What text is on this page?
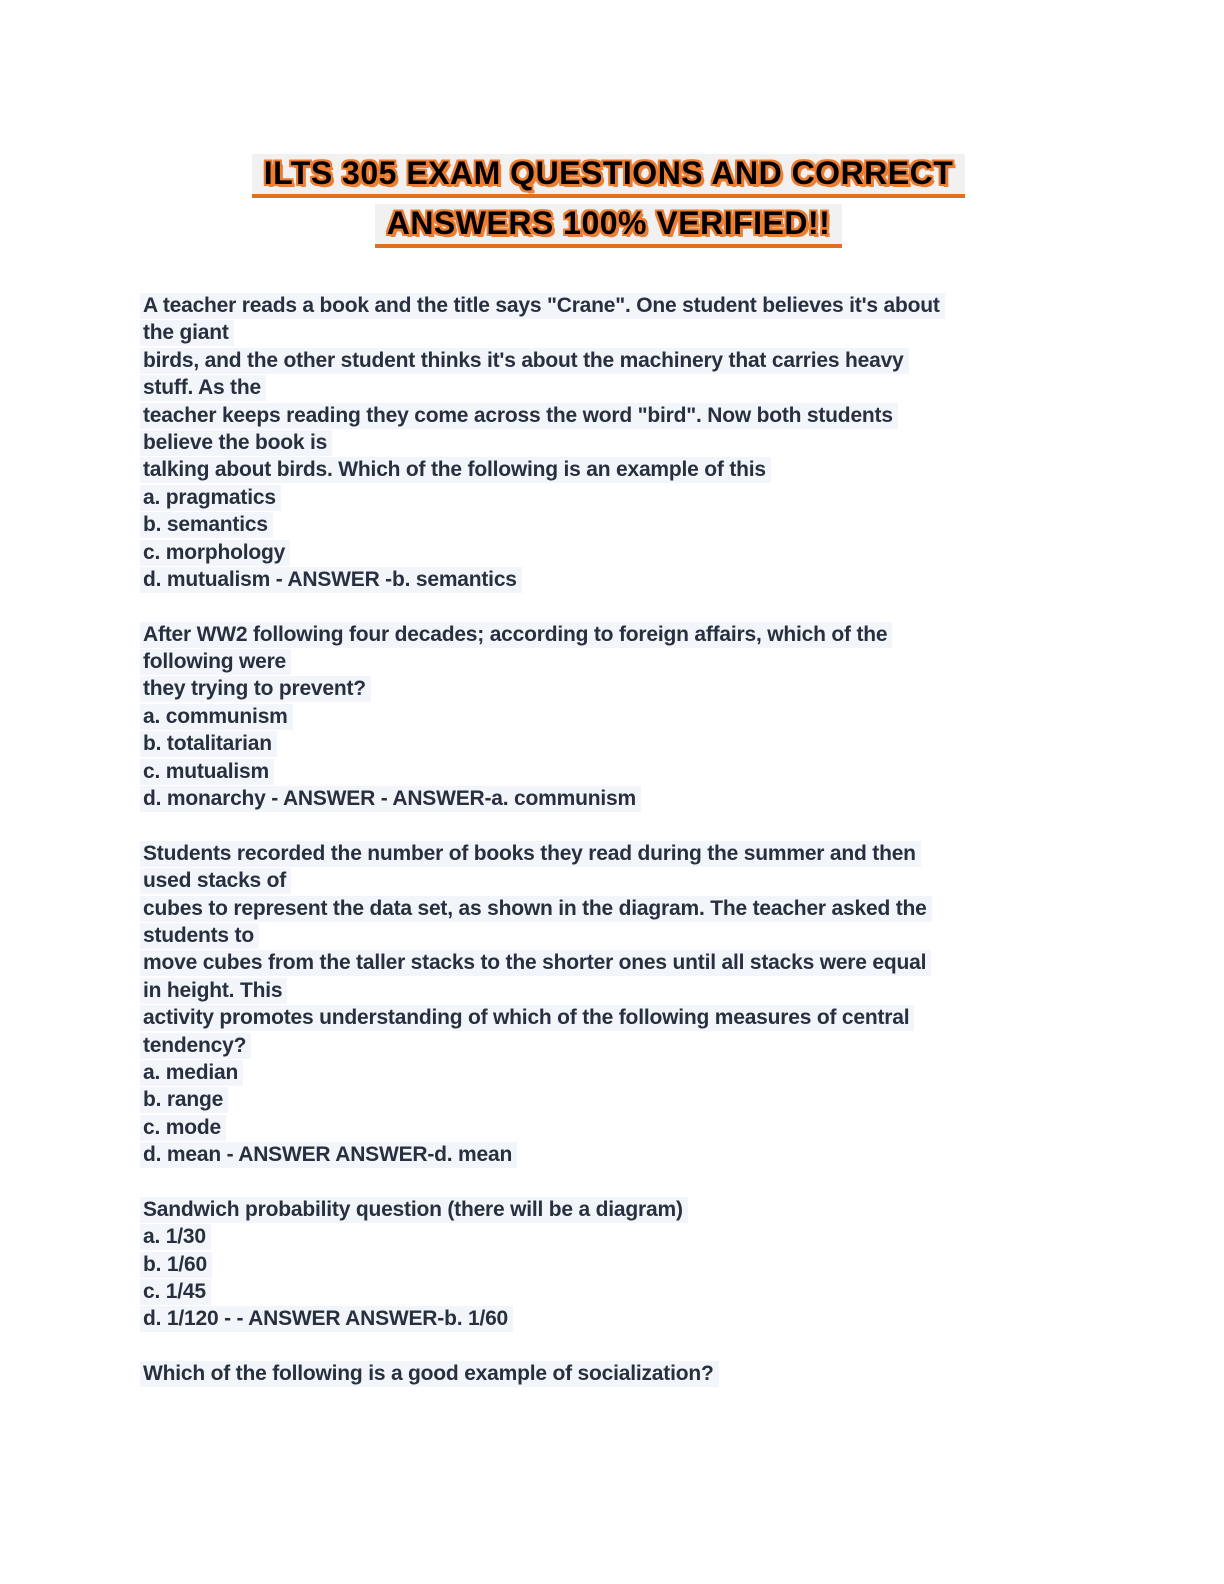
ILTS 305 EXAM QUESTIONS AND CORRECT
ANSWERS 100% VERIFIED!!
A teacher reads a book and the title says "Crane". One student believes it's about
the giant
birds, and the other student thinks it's about the machinery that carries heavy
stuff. As the
teacher keeps reading they come across the word "bird". Now both students
believe the book is
talking about birds. Which of the following is an example of this
a. pragmatics
b. semantics
c. morphology
d. mutualism - ANSWER -b. semantics
After WW2 following four decades; according to foreign affairs, which of the
following were
they trying to prevent?
a. communism
b. totalitarian
c. mutualism
d. monarchy - ANSWER - ANSWER-a. communism
Students recorded the number of books they read during the summer and then
used stacks of
cubes to represent the data set, as shown in the diagram. The teacher asked the
students to
move cubes from the taller stacks to the shorter ones until all stacks were equal
in height. This
activity promotes understanding of which of the following measures of central
tendency?
a. median
b. range
c. mode
d. mean - ANSWER ANSWER-d. mean
Sandwich probability question (there will be a diagram)
a. 1/30
b. 1/60
c. 1/45
d. 1/120 - - ANSWER ANSWER-b. 1/60
Which of the following is a good example of socialization?
